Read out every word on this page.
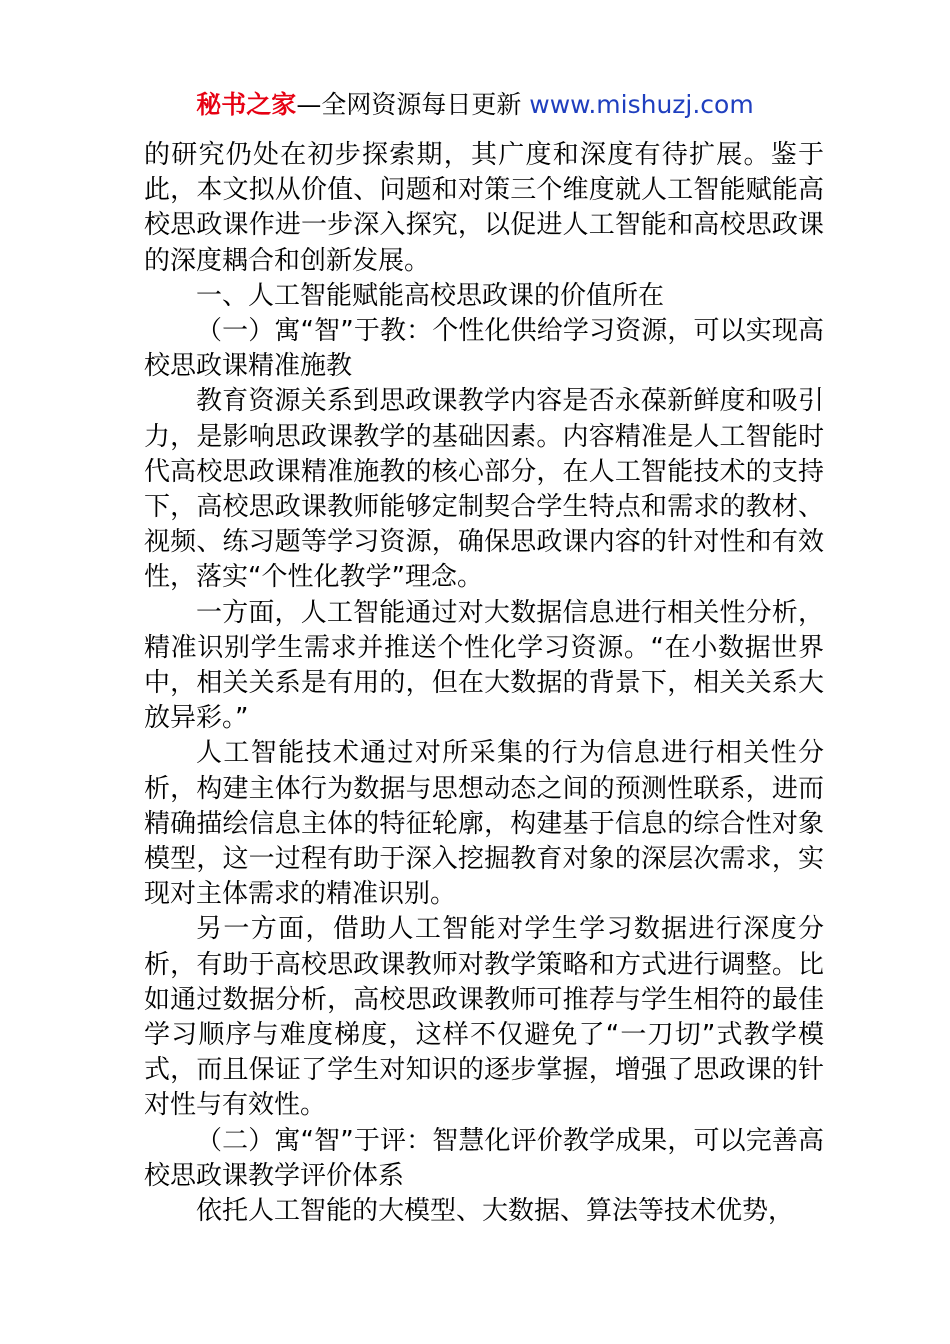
秘书之家—全网资源每日更新 www.mishuzj.com

的研究仍处在初步探索期，其广度和深度有待扩展。鉴于此，本文拟从价值、问题和对策三个维度就人工智能赋能高校思政课作进一步深入探究，以促进人工智能和高校思政课的深度耦合和创新发展。

一、人工智能赋能高校思政课的价值所在

（一）寓“智”于教：个性化供给学习资源，可以实现高校思政课精准施教

教育资源关系到思政课教学内容是否永葆新鲜度和吸引力，是影响思政课教学的基础因素。内容精准是人工智能时代高校思政课精准施教的核心部分，在人工智能技术的支持下，高校思政课教师能够定制契合学生特点和需求的教材、视频、练习题等学习资源，确保思政课内容的针对性和有效性，落实“个性化教学”理念。

一方面，人工智能通过对大数据信息进行相关性分析，精准识别学生需求并推送个性化学习资源。“在小数据世界中，相关关系是有用的，但在大数据的背景下，相关关系大放异彩。”

人工智能技术通过对所采集的行为信息进行相关性分析，构建主体行为数据与思想动态之间的预测性联系，进而精确描绘信息主体的特征轮廓，构建基于信息的综合性对象模型，这一过程有助于深入挖掘教育对象的深层次需求，实现对主体需求的精准识别。

另一方面，借助人工智能对学生学习数据进行深度分析，有助于高校思政课教师对教学策略和方式进行调整。比如通过数据分析，高校思政课教师可推荐与学生相符的最佳学习顺序与难度梯度，这样不仅避免了“一刀切”式教学模式，而且保证了学生对知识的逐步掌握，增强了思政课的针对性与有效性。

（二）寓“智”于评：智慧化评价教学成果，可以完善高校思政课教学评价体系

依托人工智能的大模型、大数据、算法等技术优势，
